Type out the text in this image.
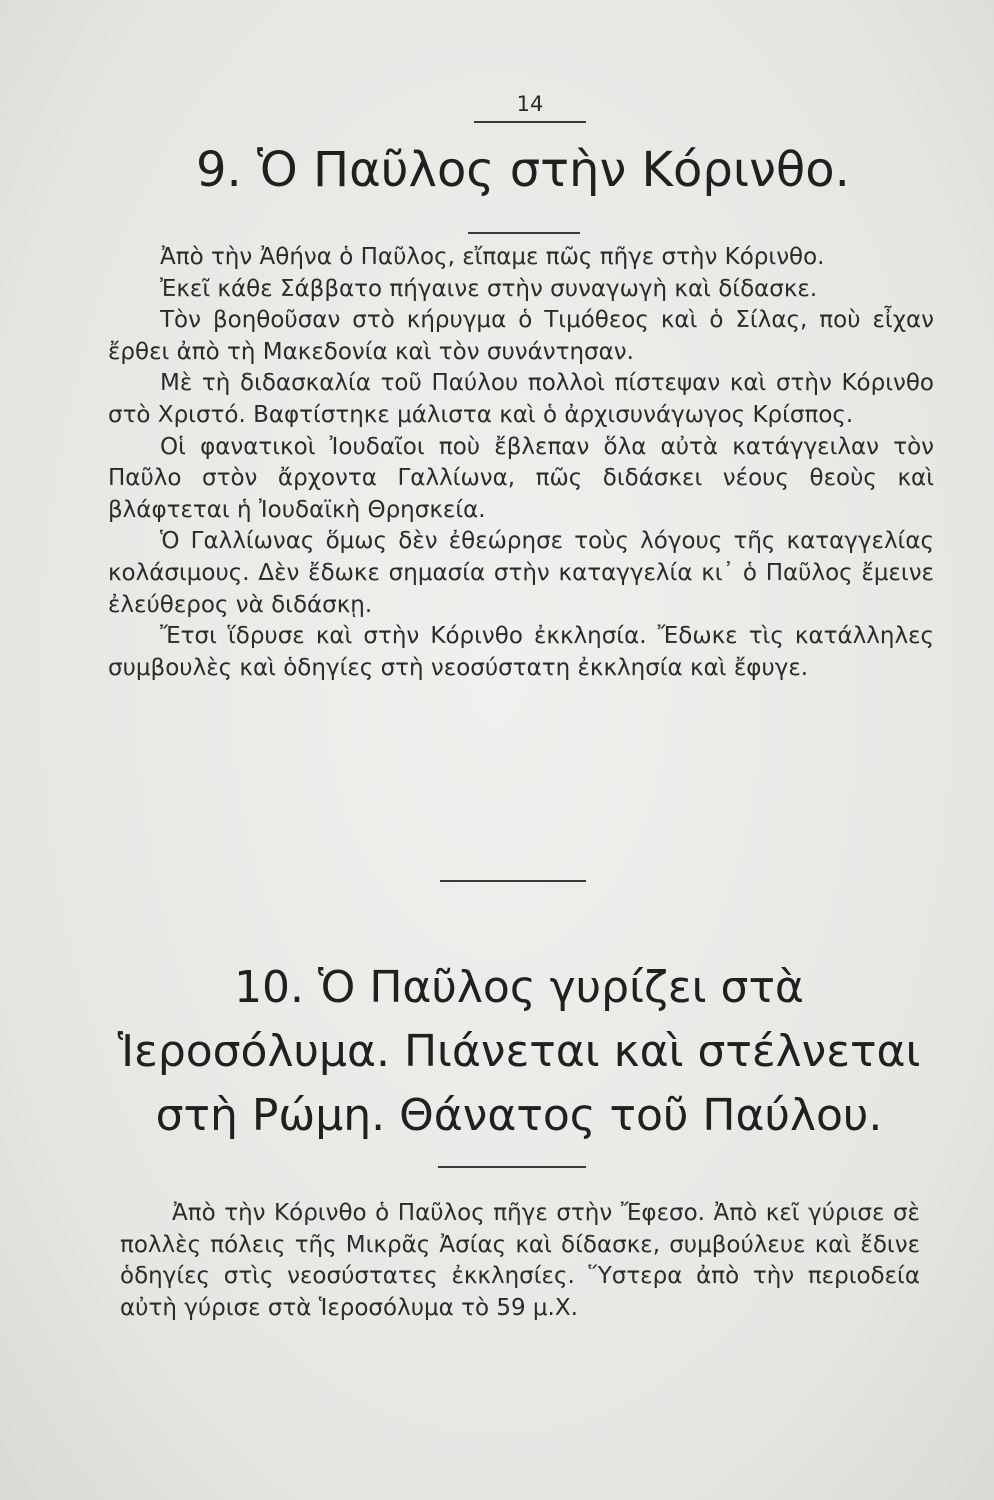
14
9. Ὁ Παῦλος στὴν Κόρινθο.

Ἀπὸ τὴν Ἀθήνα ὁ Παῦλος, εἴπαμε πῶς πῆγε στὴν Κόρινθο.

Ἐκεῖ κάθε Σάββατο πήγαινε στὴν συναγωγὴ καὶ δίδασκε.

Τὸν βοηθοῦσαν στὸ κήρυγμα ὁ Τιμόθεος καὶ ὁ Σίλας, ποὺ εἶχαν ἔρθει ἀπὸ τὴ Μακεδονία καὶ τὸν συνάντησαν.

Μὲ τὴ διδασκαλία τοῦ Παύλου πολλοὶ πίστεψαν καὶ στὴν Κόρινθο στὸ Χριστό. Βαφτίστηκε μάλιστα καὶ ὁ ἀρχισυνάγωγος Κρίσπος.

Οἱ φανατικοὶ Ἰουδαῖοι ποὺ ἔβλεπαν ὅλα αὐτὰ κατάγγειλαν τὸν Παῦλο στὸν ἄρχοντα Γαλλίωνα, πῶς διδάσκει νέους θεοὺς καὶ βλάφτεται ἡ Ἰουδαϊκὴ Θρησκεία.

Ὁ Γαλλίωνας ὅμως δὲν ἐθεώρησε τοὺς λόγους τῆς καταγγελίας κολάσιμους. Δὲν ἔδωκε σημασία στὴν καταγγελία κι᾽ ὁ Παῦλος ἔμεινε ἐλεύθερος νὰ διδάσκῃ.

Ἔτσι ἵδρυσε καὶ στὴν Κόρινθο ἐκκλησία. Ἔδωκε τὶς κατάλληλες συμβουλὲς καὶ ὁδηγίες στὴ νεοσύστατη ἐκκλησία καὶ ἔφυγε.

10. Ὁ Παῦλος γυρίζει στὰ Ἱεροσόλυμα. Πιάνεται καὶ στέλνεται στὴ Ρώμη. Θάνατος τοῦ Παύλου.

Ἀπὸ τὴν Κόρινθο ὁ Παῦλος πῆγε στὴν Ἔφεσο. Ἀπὸ κεῖ γύρισε σὲ πολλὲς πόλεις τῆς Μικρᾶς Ἀσίας καὶ δίδασκε, συμβούλευε καὶ ἔδινε ὁδηγίες στὶς νεοσύστατες ἐκκλησίες. Ὕστερα ἀπὸ τὴν περιοδεία αὐτὴ γύρισε στὰ Ἱεροσόλυμα τὸ 59 μ.Χ.
